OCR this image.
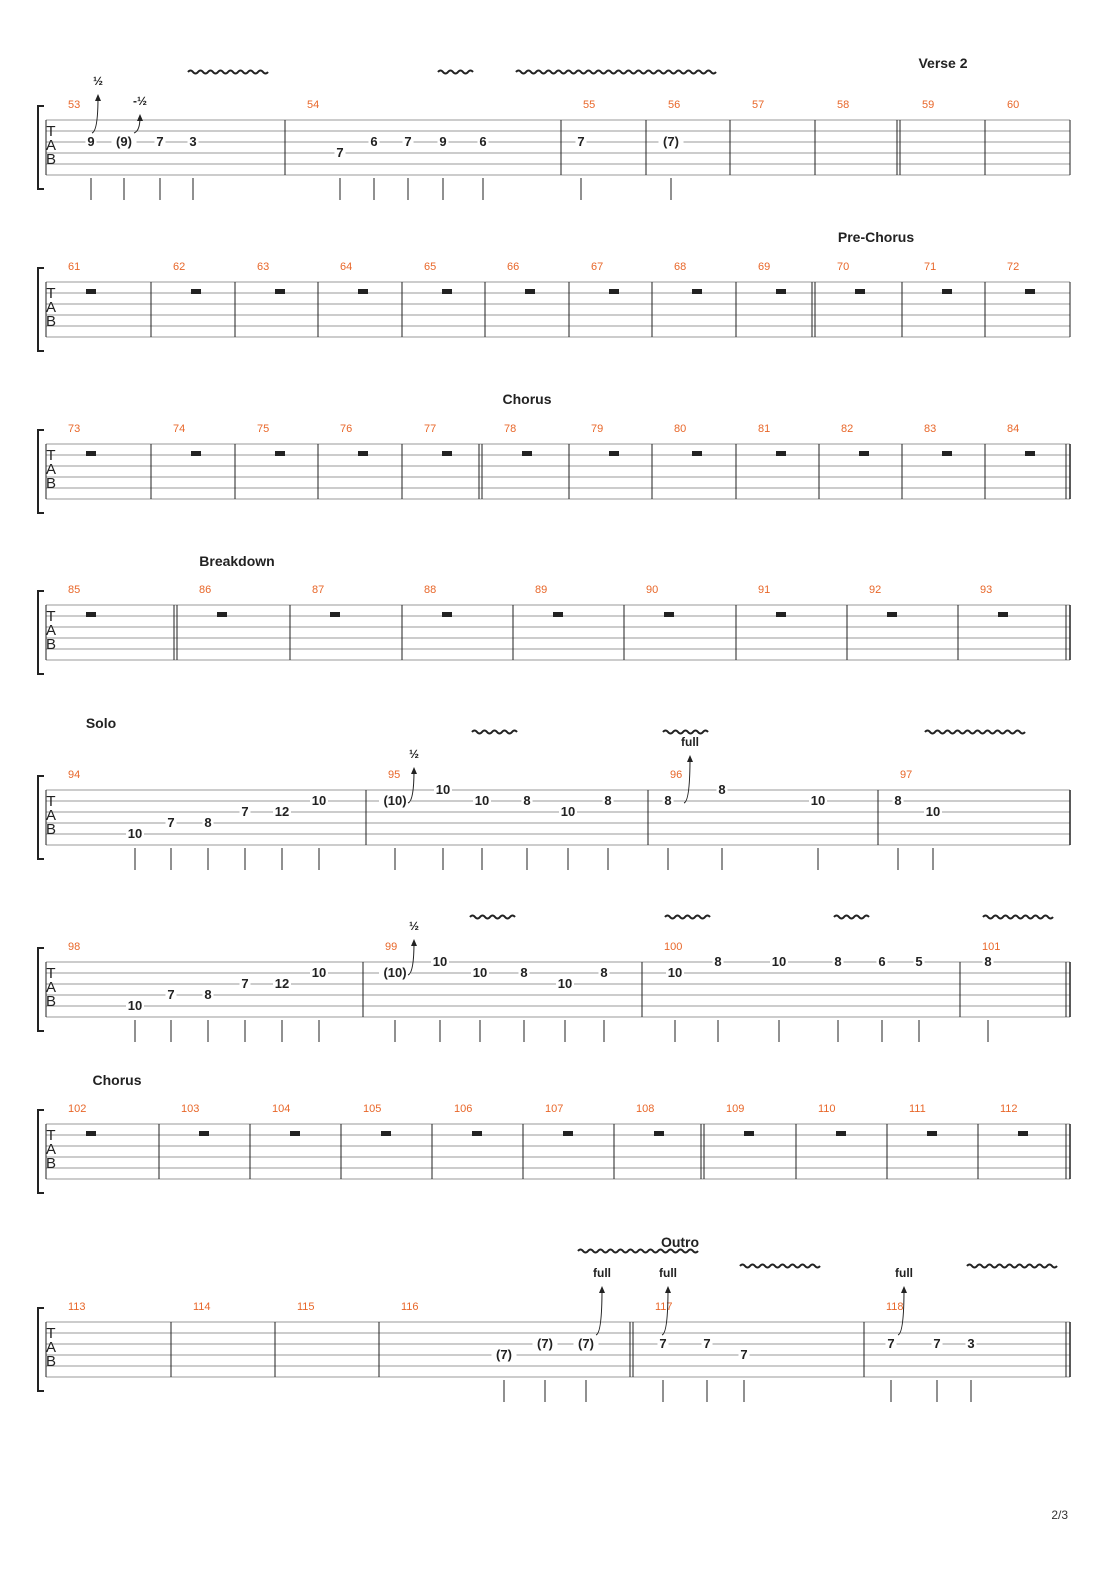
T
A
B
Verse 2
53	54	55	56	57	58	59	60
9 (9) 7 3
7
6 7 9	6	7	(7)
½
-½
T
A
B
Pre-Chorus
61	62	63	64	65	66	67	68	69	70	71	72
T
A
B
Chorus
73	74	75	76	77	78	79	80	81	82	83	84
T
A
B
Breakdown
85	86	87	88	89	90	91	92	93
T
A
B
Solo
94	95	96	97
10
7 8
7 12
10	(10)
10
10	8
10
8	8
8
10	8
10
½
full
T
A
B
98	99	100	101
10
7 8
7 12
10	(10)
10
10	8
10
8	10
8	10	8	6 5	8
½
T
A
B
Chorus
102	103	104	105	106	107	108	109	110	111	112
T
A
B
Outro
113	114	115	116	117	118
(7)
(7) (7)	7	7
7
7	7 3
full	full	full
2/3
